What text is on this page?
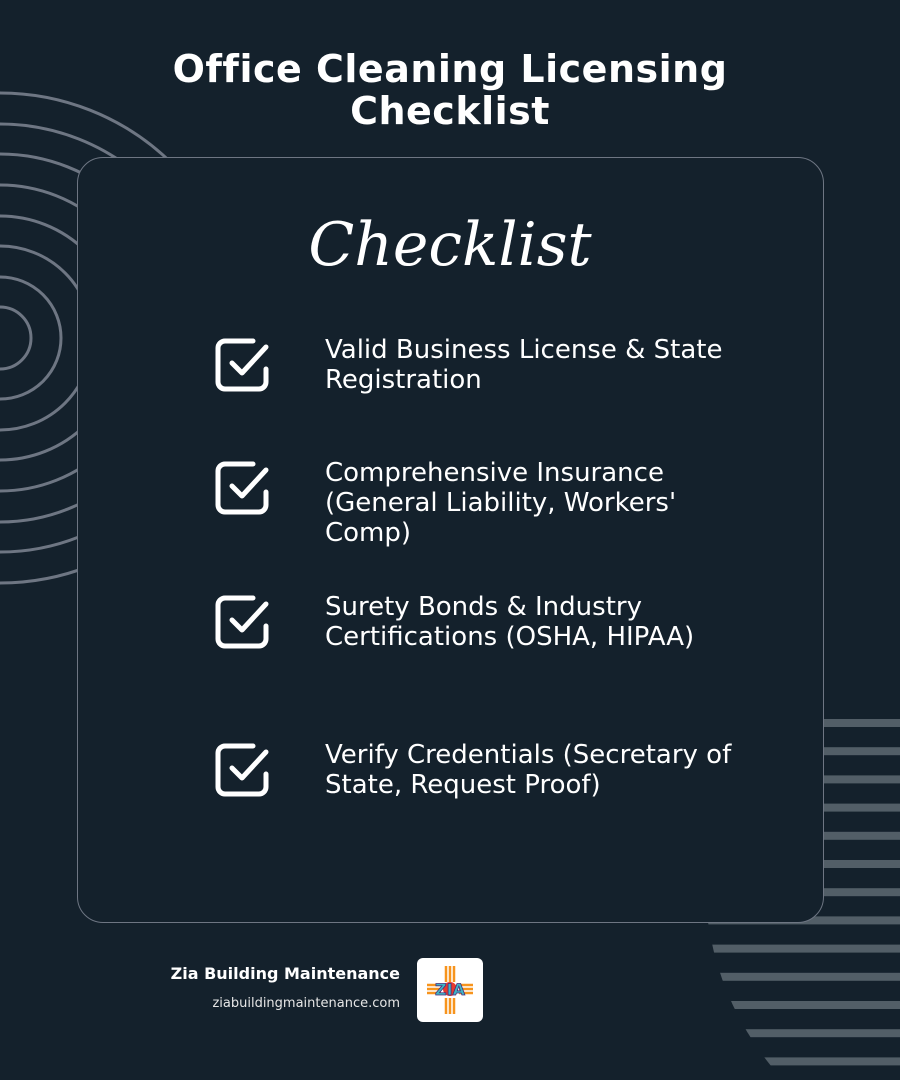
Office Cleaning Licensing
Checklist
Checklist
Valid Business License & State Registration
Comprehensive Insurance (General Liability, Workers' Comp)
Surety Bonds & Industry Certifications (OSHA, HIPAA)
Verify Credentials (Secretary of State, Request Proof)
Zia Building Maintenance
ziabuildingmaintenance.com
ZIA
